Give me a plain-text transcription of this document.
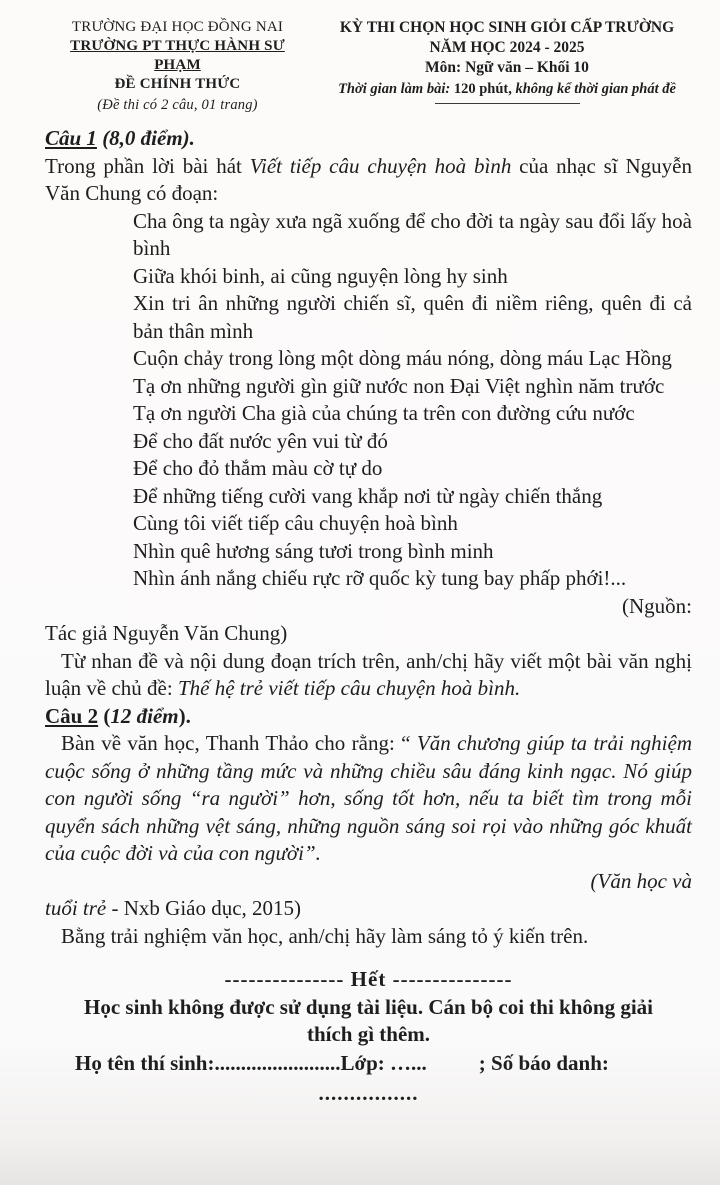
TRƯỜNG ĐẠI HỌC ĐỒNG NAI
TRƯỜNG PT THỰC HÀNH SƯ PHẠM
ĐỀ CHÍNH THỨC
(Đề thi có 2 câu, 01 trang)
KỲ THI CHỌN HỌC SINH GIỎI CẤP TRƯỜNG
NĂM HỌC 2024 - 2025
Môn: Ngữ văn – Khối 10
Thời gian làm bài: 120 phút, không kể thời gian phát đề
Câu 1 (8,0 điểm).

Trong phần lời bài hát Viết tiếp câu chuyện hoà bình của nhạc sĩ Nguyễn Văn Chung có đoạn:

Cha ông ta ngày xưa ngã xuống để cho đời ta ngày sau đổi lấy hoà bình
Giữa khói binh, ai cũng nguyện lòng hy sinh
Xin tri ân những người chiến sĩ, quên đi niềm riêng, quên đi cả bản thân mình
Cuộn chảy trong lòng một dòng máu nóng, dòng máu Lạc Hồng
Tạ ơn những người gìn giữ nước non Đại Việt nghìn năm trước
Tạ ơn người Cha già của chúng ta trên con đường cứu nước
Để cho đất nước yên vui từ đó
Để cho đỏ thắm màu cờ tự do
Để những tiếng cười vang khắp nơi từ ngày chiến thắng
Cùng tôi viết tiếp câu chuyện hoà bình
Nhìn quê hương sáng tươi trong bình minh
Nhìn ánh nắng chiếu rực rỡ quốc kỳ tung bay phấp phới!...
(Nguồn:
Tác giả Nguyễn Văn Chung)

Từ nhan đề và nội dung đoạn trích trên, anh/chị hãy viết một bài văn nghị luận về chủ đề: Thế hệ trẻ viết tiếp câu chuyện hoà bình.

Câu 2 (12 điểm).

Bàn về văn học, Thanh Thảo cho rằng: “ Văn chương giúp ta trải nghiệm cuộc sống ở những tầng mức và những chiều sâu đáng kinh ngạc. Nó giúp con người sống “ra người” hơn, sống tốt hơn, nếu ta biết tìm trong mỗi quyển sách những vệt sáng, những nguồn sáng soi rọi vào những góc khuất của cuộc đời và của con người”.

(Văn học và
tuổi trẻ - Nxb Giáo dục, 2015)

Bằng trải nghiệm văn học, anh/chị hãy làm sáng tỏ ý kiến trên.

--------------- Hết ---------------
Học sinh không được sử dụng tài liệu. Cán bộ coi thi không giải thích gì thêm.
Họ tên thí sinh:........................Lớp: …... ; Số báo danh:
................
